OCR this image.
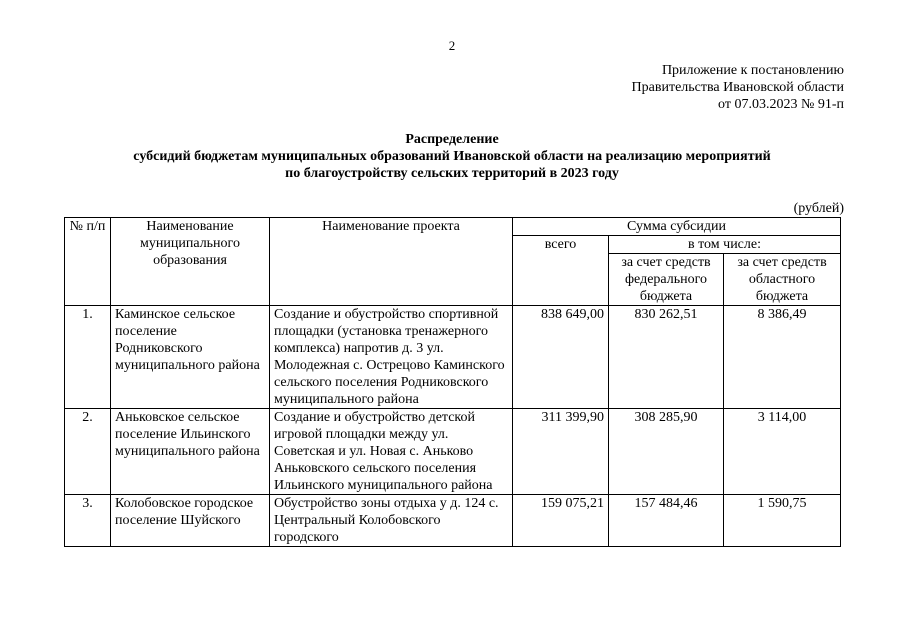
2
Приложение к постановлению
Правительства Ивановской области
от 07.03.2023 № 91-п
Распределение
субсидий бюджетам муниципальных образований Ивановской области на реализацию мероприятий
по благоустройству сельских территорий в 2023 году
(рублей)
№ п/п	Наименование муниципального образования	Наименование проекта	Сумма субсидии		
			всего	в том числе:	
				за счет средств федерального бюджета	за счет средств областного бюджета
1.	Каминское сельское поселение Родниковского муниципального района	Создание и обустройство спортивной площадки (установка тренажерного комплекса) напротив д. 3 ул. Молодежная с. Острецово Каминского сельского поселения Родниковского муниципального района	838 649,00	830 262,51	8 386,49
2.	Аньковское сельское поселение Ильинского муниципального района	Создание и обустройство детской игровой площадки между ул. Советская и ул. Новая с. Аньково Аньковского сельского поселения Ильинского муниципального района	311 399,90	308 285,90	3 114,00
3.	Колобовское городское поселение Шуйского	Обустройство зоны отдыха у д. 124 с. Центральный Колобовского городского	159 075,21	157 484,46	1 590,75
